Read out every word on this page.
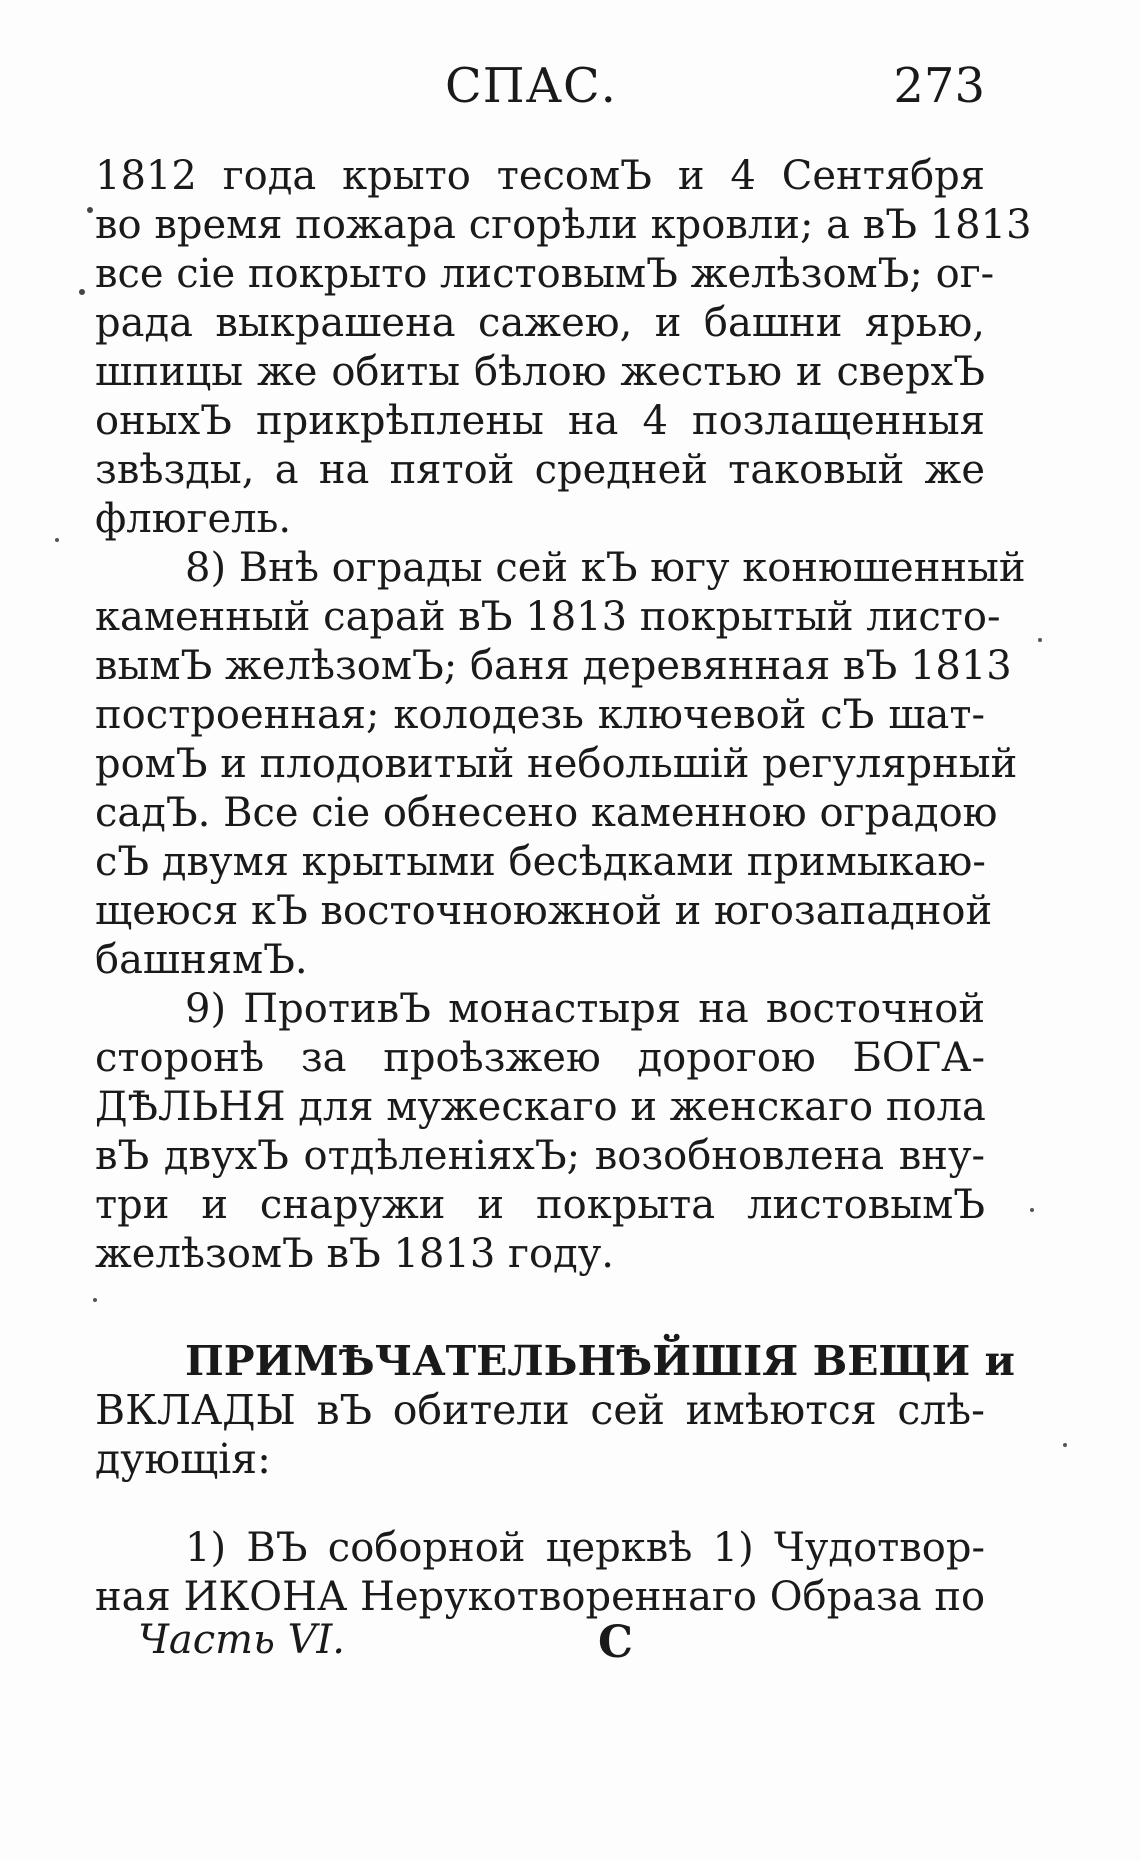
СПАС.	273
1812 года крыто тесомЪ и 4 Сентября
во время пожара сгорѣли кровли; а вЪ 1813
все сiе покрыто листовымЪ желѣзомЪ; ог-
рада выкрашена сажею, и башни ярью,
шпицы же обиты бѣлою жестью и сверхЪ
оныхЪ прикрѣплены на 4 позлащенныя
звѣзды, а на пятой средней таковый же
флюгель.
8) Внѣ ограды сей кЪ югу конюшенный
каменный сарай вЪ 1813 покрытый листо-
вымЪ желѣзомЪ; баня деревянная вЪ 1813
построенная; колодезь ключевой сЪ шат-
ромЪ и плодовитый небольшiй регулярный
садЪ. Все сiе обнесено каменною оградою
сЪ двумя крытыми бесѣдками примыкаю-
щеюся кЪ восточноюжной и югозападной
башнямЪ.
9) ПротивЪ монастыря на восточной
сторонѣ за проѣзжею дорогою БОГА-
ДѢЛЬНЯ для мужескаго и женскаго пола
вЪ двухЪ отдѣленiяхЪ; возобновлена вну-
три и снаружи и покрыта листовымЪ
желѣзомЪ вЪ 1813 году.
ПРИМѢЧАТЕЛЬНѢЙШIЯ ВЕЩИ и
ВКЛАДЫ вЪ обители сей имѣются слѣ-
дующiя:
1) ВЪ соборной церквѣ 1) Чудотвор-
ная ИКОНА Нерукотвореннаго Образа по
Часть VI.	С
